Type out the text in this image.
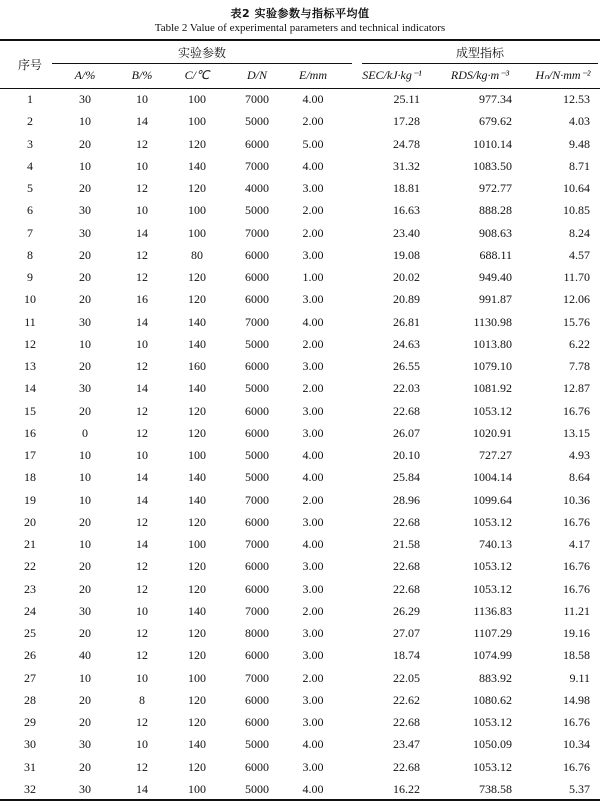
表2 实验参数与指标平均值
Table 2 Value of experimental parameters and technical indicators
序号
实验参数	成型指标
A/%	B/%	C/℃	D/N	E/mm	SEC/kJ·kg⁻¹	RDS/kg·m⁻³	Hₙ/N·mm⁻²
1	30	10	100	7000	4.00	25.11	977.34	12.53
2	10	14	100	5000	2.00	17.28	679.62	4.03
3	20	12	120	6000	5.00	24.78	1010.14	9.48
4	10	10	140	7000	4.00	31.32	1083.50	8.71
5	20	12	120	4000	3.00	18.81	972.77	10.64
6	30	10	100	5000	2.00	16.63	888.28	10.85
7	30	14	100	7000	2.00	23.40	908.63	8.24
8	20	12	80	6000	3.00	19.08	688.11	4.57
9	20	12	120	6000	1.00	20.02	949.40	11.70
10	20	16	120	6000	3.00	20.89	991.87	12.06
11	30	14	140	7000	4.00	26.81	1130.98	15.76
12	10	10	140	5000	2.00	24.63	1013.80	6.22
13	20	12	160	6000	3.00	26.55	1079.10	7.78
14	30	14	140	5000	2.00	22.03	1081.92	12.87
15	20	12	120	6000	3.00	22.68	1053.12	16.76
16	0	12	120	6000	3.00	26.07	1020.91	13.15
17	10	10	100	5000	4.00	20.10	727.27	4.93
18	10	14	140	5000	4.00	25.84	1004.14	8.64
19	10	14	140	7000	2.00	28.96	1099.64	10.36
20	20	12	120	6000	3.00	22.68	1053.12	16.76
21	10	14	100	7000	4.00	21.58	740.13	4.17
22	20	12	120	6000	3.00	22.68	1053.12	16.76
23	20	12	120	6000	3.00	22.68	1053.12	16.76
24	30	10	140	7000	2.00	26.29	1136.83	11.21
25	20	12	120	8000	3.00	27.07	1107.29	19.16
26	40	12	120	6000	3.00	18.74	1074.99	18.58
27	10	10	100	7000	2.00	22.05	883.92	9.11
28	20	8	120	6000	3.00	22.62	1080.62	14.98
29	20	12	120	6000	3.00	22.68	1053.12	16.76
30	30	10	140	5000	4.00	23.47	1050.09	10.34
31	20	12	120	6000	3.00	22.68	1053.12	16.76
32	30	14	100	5000	4.00	16.22	738.58	5.37
